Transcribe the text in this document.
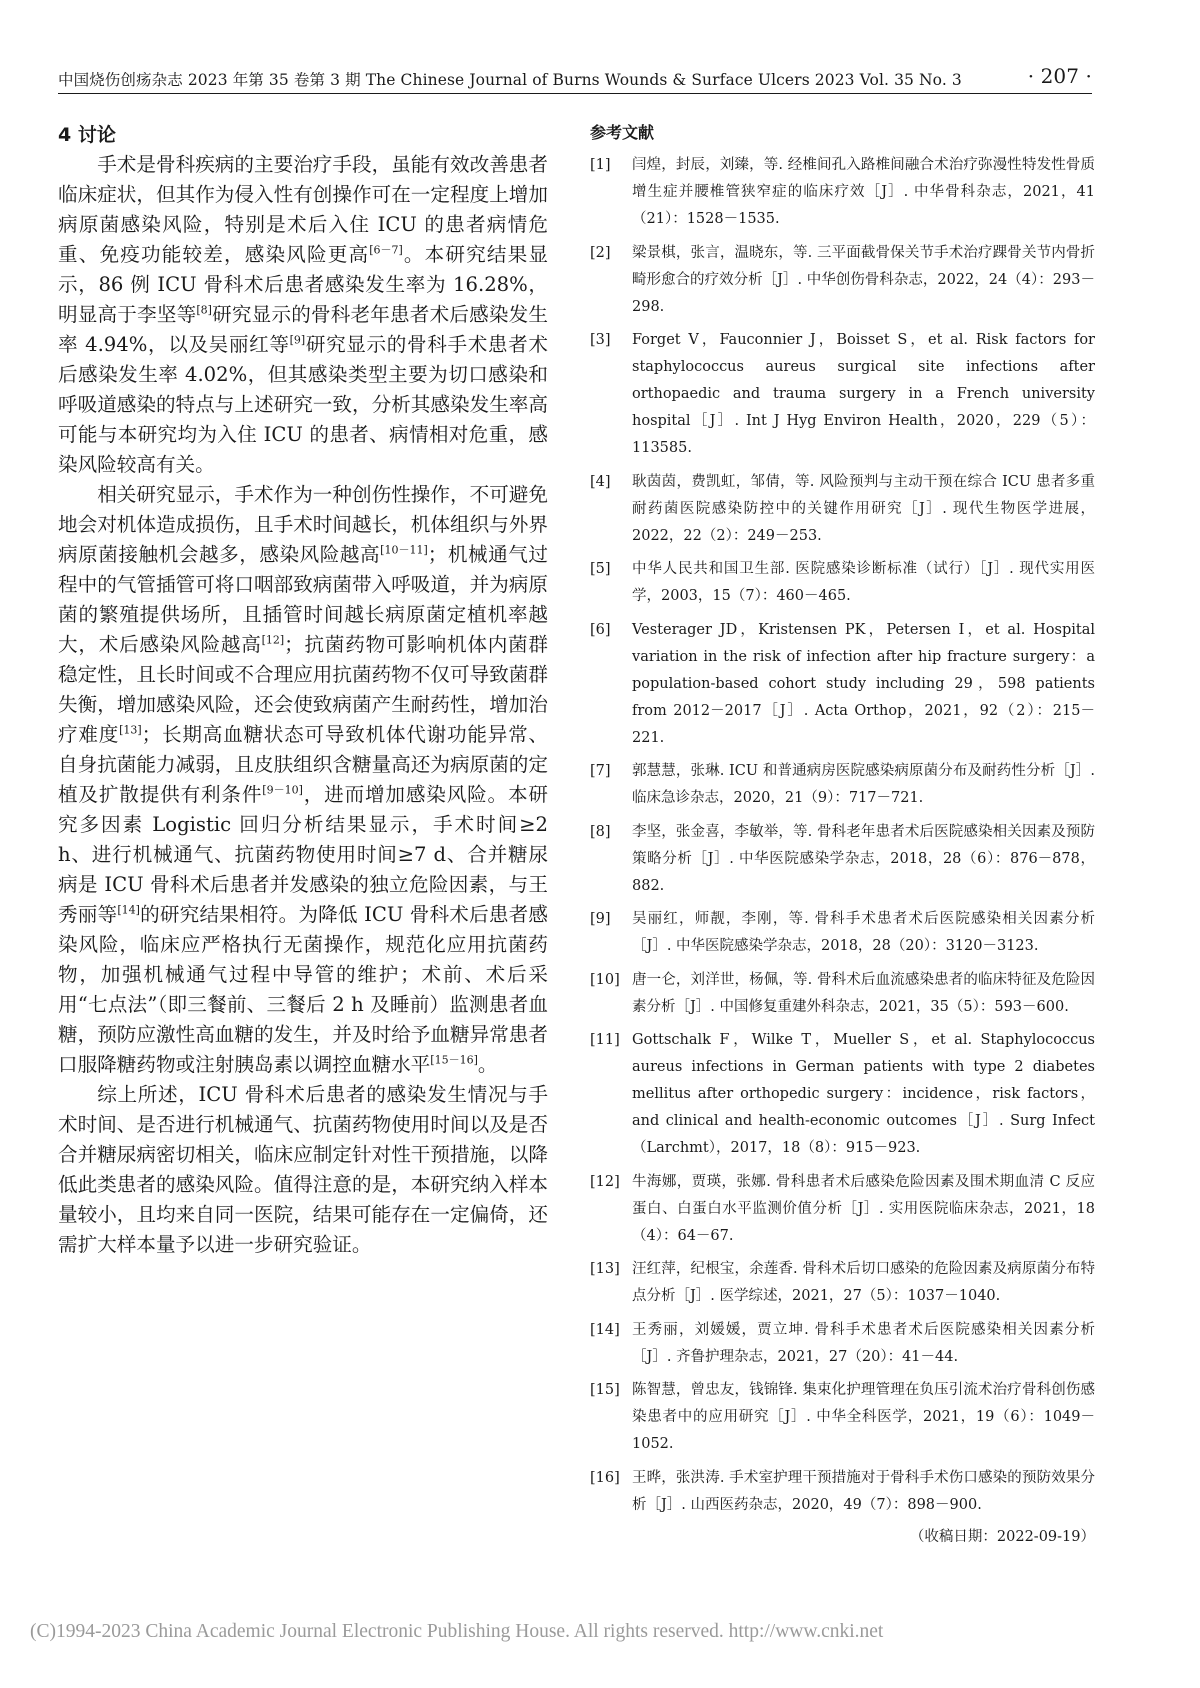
中国烧伤创疡杂志 2023 年第 35 卷第 3 期 The Chinese Journal of Burns Wounds & Surface Ulcers 2023 Vol. 35 No. 3	· 207 ·
4 讨论

手术是骨科疾病的主要治疗手段，虽能有效改善患者临床症状，但其作为侵入性有创操作可在一定程度上增加病原菌感染风险，特别是术后入住 ICU 的患者病情危重、免疫功能较差，感染风险更高[6－7]。本研究结果显示，86 例 ICU 骨科术后患者感染发生率为 16.28%，明显高于李坚等[8]研究显示的骨科老年患者术后感染发生率 4.94%，以及吴丽红等[9]研究显示的骨科手术患者术后感染发生率 4.02%，但其感染类型主要为切口感染和呼吸道感染的特点与上述研究一致，分析其感染发生率高可能与本研究均为入住 ICU 的患者、病情相对危重，感染风险较高有关。

相关研究显示，手术作为一种创伤性操作，不可避免地会对机体造成损伤，且手术时间越长，机体组织与外界病原菌接触机会越多，感染风险越高[10－11]；机械通气过程中的气管插管可将口咽部致病菌带入呼吸道，并为病原菌的繁殖提供场所，且插管时间越长病原菌定植机率越大，术后感染风险越高[12]；抗菌药物可影响机体内菌群稳定性，且长时间或不合理应用抗菌药物不仅可导致菌群失衡，增加感染风险，还会使致病菌产生耐药性，增加治疗难度[13]；长期高血糖状态可导致机体代谢功能异常、自身抗菌能力减弱，且皮肤组织含糖量高还为病原菌的定植及扩散提供有利条件[9－10]，进而增加感染风险。本研究多因素 Logistic 回归分析结果显示，手术时间≥2 h、进行机械通气、抗菌药物使用时间≥7 d、合并糖尿病是 ICU 骨科术后患者并发感染的独立危险因素，与王秀丽等[14]的研究结果相符。为降低 ICU 骨科术后患者感染风险，临床应严格执行无菌操作，规范化应用抗菌药物，加强机械通气过程中导管的维护；术前、术后采用“七点法”（即三餐前、三餐后 2 h 及睡前）监测患者血糖，预防应激性高血糖的发生，并及时给予血糖异常患者口服降糖药物或注射胰岛素以调控血糖水平[15－16]。

综上所述，ICU 骨科术后患者的感染发生情况与手术时间、是否进行机械通气、抗菌药物使用时间以及是否合并糖尿病密切相关，临床应制定针对性干预措施，以降低此类患者的感染风险。值得注意的是，本研究纳入样本量较小，且均来自同一医院，结果可能存在一定偏倚，还需扩大样本量予以进一步研究验证。

参考文献
[1]	闫煌，封辰，刘臻，等. 经椎间孔入路椎间融合术治疗弥漫性特发性骨质增生症并腰椎管狭窄症的临床疗效［J］. 中华骨科杂志，2021，41（21）：1528－1535.
[2]	梁景棋，张言，温晓东，等. 三平面截骨保关节手术治疗踝骨关节内骨折畸形愈合的疗效分析［J］. 中华创伤骨科杂志，2022，24（4）：293－298.
[3]	Forget V，Fauconnier J，Boisset S，et al. Risk factors for staphylococcus aureus surgical site infections after orthopaedic and trauma surgery in a French university hospital［J］. Int J Hyg Environ Health，2020，229（5）：113585.
[4]	耿茵茵，费凯虹，邹倩，等. 风险预判与主动干预在综合 ICU 患者多重耐药菌医院感染防控中的关键作用研究［J］. 现代生物医学进展，2022，22（2）：249－253.
[5]	中华人民共和国卫生部. 医院感染诊断标准（试行）［J］. 现代实用医学，2003，15（7）：460－465.
[6]	Vesterager JD，Kristensen PK，Petersen I，et al. Hospital variation in the risk of infection after hip fracture surgery：a population-based cohort study including 29，598 patients from 2012－2017［J］. Acta Orthop，2021，92（2）：215－221.
[7]	郭慧慧，张琳. ICU 和普通病房医院感染病原菌分布及耐药性分析［J］. 临床急诊杂志，2020，21（9）：717－721.
[8]	李坚，张金喜，李敏举，等. 骨科老年患者术后医院感染相关因素及预防策略分析［J］. 中华医院感染学杂志，2018，28（6）：876－878，882.
[9]	吴丽红，师靓，李刚，等. 骨科手术患者术后医院感染相关因素分析［J］. 中华医院感染学杂志，2018，28（20）：3120－3123.
[10] 唐一仑，刘洋世，杨佩，等. 骨科术后血流感染患者的临床特征及危险因素分析［J］. 中国修复重建外科杂志，2021，35（5）：593－600.
[11] Gottschalk F，Wilke T，Mueller S，et al. Staphylococcus aureus infections in German patients with type 2 diabetes mellitus after orthopedic surgery：incidence，risk factors，and clinical and health-economic outcomes［J］. Surg Infect（Larchmt），2017，18（8）：915－923.
[12] 牛海娜，贾瑛，张娜. 骨科患者术后感染危险因素及围术期血清 C 反应蛋白、白蛋白水平监测价值分析［J］. 实用医院临床杂志，2021，18（4）：64－67.
[13] 汪红萍，纪根宝，余莲香. 骨科术后切口感染的危险因素及病原菌分布特点分析［J］. 医学综述，2021，27（5）：1037－1040.
[14] 王秀丽，刘媛媛，贾立坤. 骨科手术患者术后医院感染相关因素分析［J］. 齐鲁护理杂志，2021，27（20）：41－44.
[15] 陈智慧，曾忠友，钱锦锋. 集束化护理管理在负压引流术治疗骨科创伤感染患者中的应用研究［J］. 中华全科医学，2021，19（6）：1049－1052.
[16] 王晔，张洪涛. 手术室护理干预措施对于骨科手术伤口感染的预防效果分析［J］. 山西医药杂志，2020，49（7）：898－900.
（收稿日期：2022-09-19）
(C)1994-2023 China Academic Journal Electronic Publishing House. All rights reserved. http://www.cnki.net
